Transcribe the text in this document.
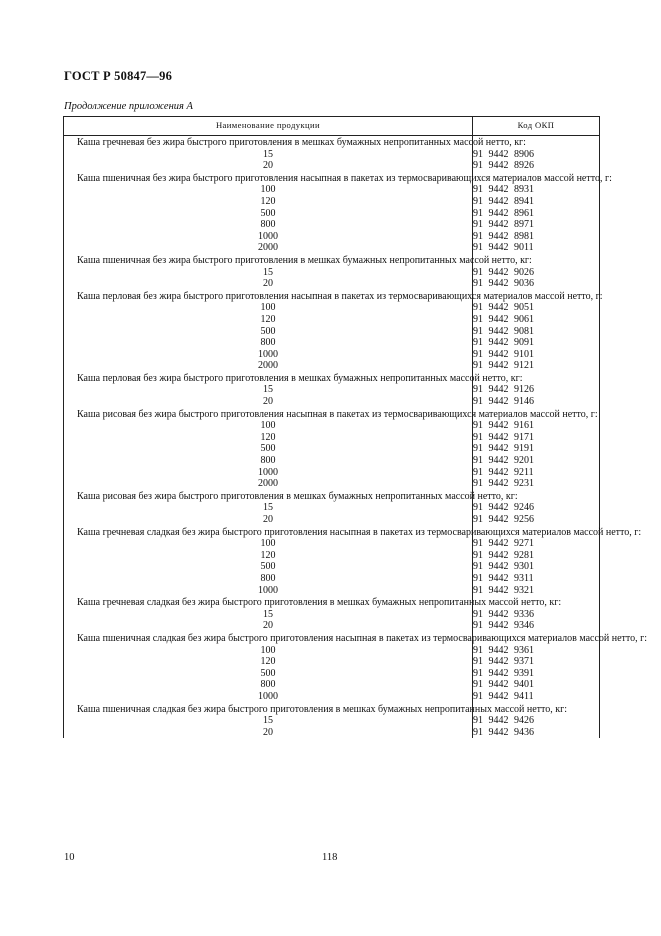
ГОСТ Р 50847—96
Продолжение приложения А
Наименование продукции	Код ОКП
Каша гречневая без жира быстрого приготовления в мешках бумажных непропитанных массой нетто, кг:	
15	91 9442 8906
20	91 9442 8926
Каша пшеничная без жира быстрого приготовления насыпная в пакетах из термосваривающихся материалов массой нетто, г:	
100	91 9442 8931
120	91 9442 8941
500	91 9442 8961
800	91 9442 8971
1000	91 9442 8981
2000	91 9442 9011
Каша пшеничная без жира быстрого приготовления в мешках бумажных непропитанных массой нетто, кг:	
15	91 9442 9026
20	91 9442 9036
Каша перловая без жира быстрого приготовления насыпная в пакетах из термосваривающихся материалов массой нетто, г:	
100	91 9442 9051
120	91 9442 9061
500	91 9442 9081
800	91 9442 9091
1000	91 9442 9101
2000	91 9442 9121
Каша перловая без жира быстрого приготовления в мешках бумажных непропитанных массой нетто, кг:	
15	91 9442 9126
20	91 9442 9146
Каша рисовая без жира быстрого приготовления насыпная в пакетах из термосваривающихся материалов массой нетто, г:	
100	91 9442 9161
120	91 9442 9171
500	91 9442 9191
800	91 9442 9201
1000	91 9442 9211
2000	91 9442 9231
Каша рисовая без жира быстрого приготовления в мешках бумажных непропитанных массой нетто, кг:	
15	91 9442 9246
20	91 9442 9256
Каша гречневая сладкая без жира быстрого приготовления насыпная в пакетах из термосваривающихся материалов массой нетто, г:	
100	91 9442 9271
120	91 9442 9281
500	91 9442 9301
800	91 9442 9311
1000	91 9442 9321
Каша гречневая сладкая без жира быстрого приготовления в мешках бумажных непропитанных массой нетто, кг:	
15	91 9442 9336
20	91 9442 9346
Каша пшеничная сладкая без жира быстрого приготовления насыпная в пакетах из термосваривающихся материалов массой нетто, г:	
100	91 9442 9361
120	91 9442 9371
500	91 9442 9391
800	91 9442 9401
1000	91 9442 9411
Каша пшеничная сладкая без жира быстрого приготовления в мешках бумажных непропитанных массой нетто, кг:	
15	91 9442 9426
20	91 9442 9436
10	118
